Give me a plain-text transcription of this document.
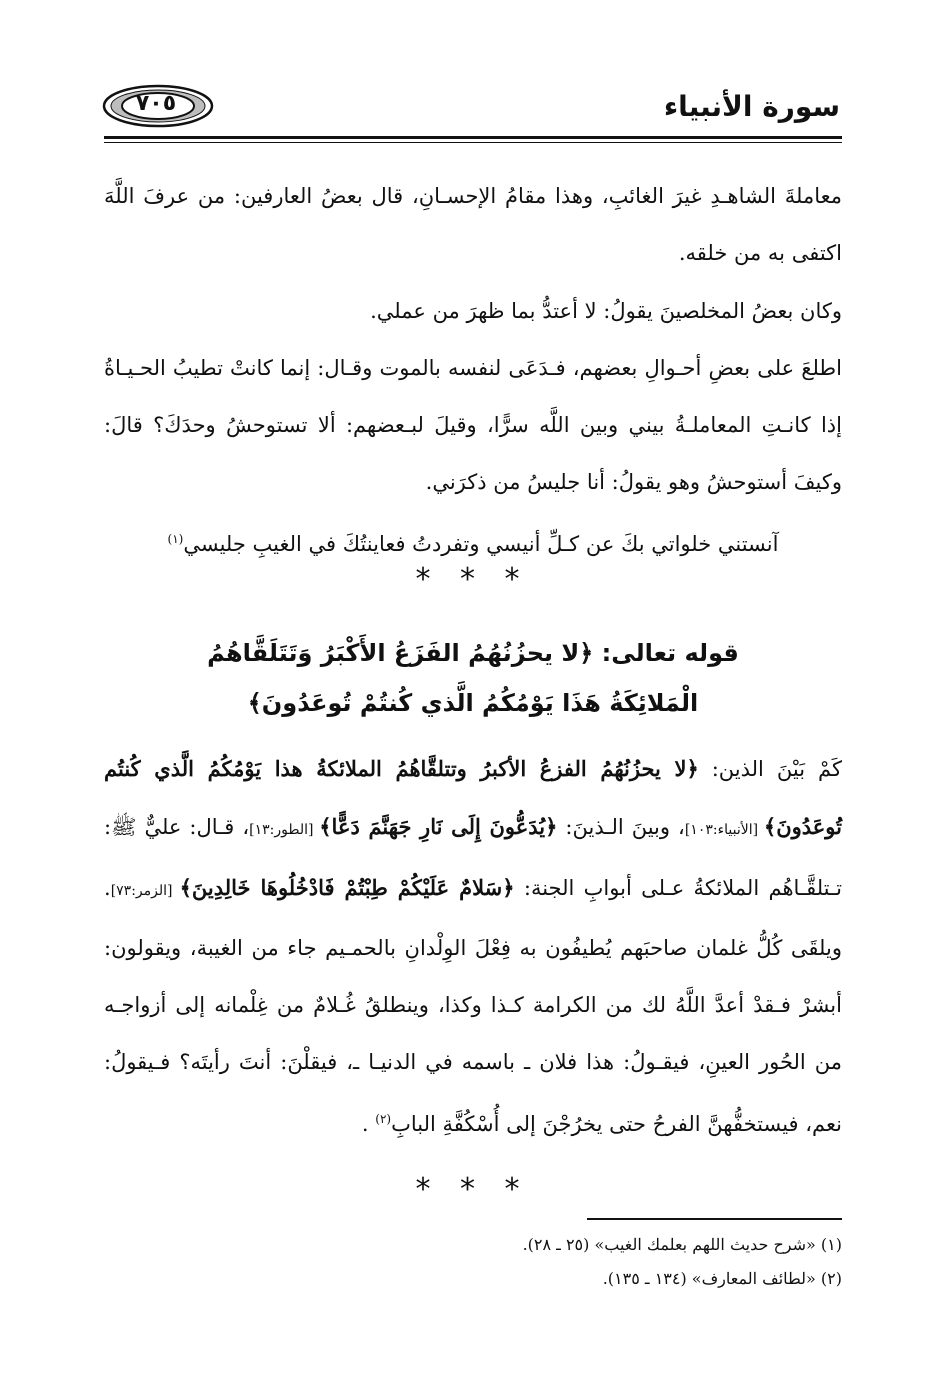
٧٠٥	سورة الأنبياء
معاملةَ الشاهـدِ غيرَ الغائبِ، وهذا مقامُ الإحسـانِ، قال بعضُ العارفين: من عرفَ اللَّهَ اكتفى به من خلقه.
وكان بعضُ المخلصينَ يقولُ: لا أعتدُّ بما ظهرَ من عملي.
اطلعَ على بعضِ أحـوالِ بعضهم، فـدَعَى لنفسه بالموت وقـال: إنما كانتْ تطيبُ الحـيـاةُ إذا كانـتِ المعاملـةُ بيني وبين اللَّه سرًّا، وقيلَ لبـعضهم: ألا تستوحشُ وحدَكَ؟ قالَ: وكيفَ أستوحشُ وهو يقولُ: أنا جليسُ من ذكرَني.
آنستني خلواتي بكَ عن كـلِّ أنيسي وتفردتُ فعاينتُكَ في الغيبِ جليسي$^{(١)}$
* * *
قوله تعالى: ﴿لا يحزُنُهُمُ الفَزَعُ الأَكْبَرُ وَتَتَلَقَّاهُمُ
الْمَلائِكَةُ هَذَا يَوْمُكُمُ الَّذي كُنتُمْ تُوعَدُونَ﴾
كَمْ بَيْنَ الذين: ﴿لا يحزُنُهُمُ الفزعُ الأكبرُ وتتلقَّاهُمُ الملائكةُ هذا يَوْمُكُمُ الَّذي كُنتُم تُوعَدُونَ﴾ [الأنبياء:١٠٣]، وبينَ الـذينَ: ﴿يُدَعُّونَ إِلَى نَارِ جَهَنَّمَ دَعًّا﴾ [الطور:١٣]، قـال: عليٌّ ﷺ: تـتلقَّـاهُم الملائكةُ عـلى أبوابِ الجنة: ﴿سَلامٌ عَلَيْكُمْ طِبْتُمْ فَادْخُلُوهَا خَالِدِينَ﴾ [الزمر:٧٣]. ويلقَى كُلُّ غلمان صاحبَهم يُطيفُون به فِعْلَ الوِلْدانِ بالحمـيم جاء من الغيبة، ويقولون: أبشرْ فـقدْ أعدَّ اللَّهُ لك من الكرامة كـذا وكذا، وينطلقُ غُـلامٌ من غِلْمانه إلى أزواجـه من الحُور العينِ، فيقـولُ: هذا فلان ـ باسمه في الدنيـا ـ، فيقلْنَ: أنتَ رأيتَه؟ فـيقولُ: نعم، فيستخفُّهنَّ الفرحُ حتى يخرُجْنَ إلى أُسْكُفَّةِ البابِ$^{(٢)}$ .
* * *
(١) «شرح حديث اللهم بعلمك الغيب» (٢٥ ـ ٢٨).
(٢) «لطائف المعارف» (١٣٤ ـ ١٣٥).
